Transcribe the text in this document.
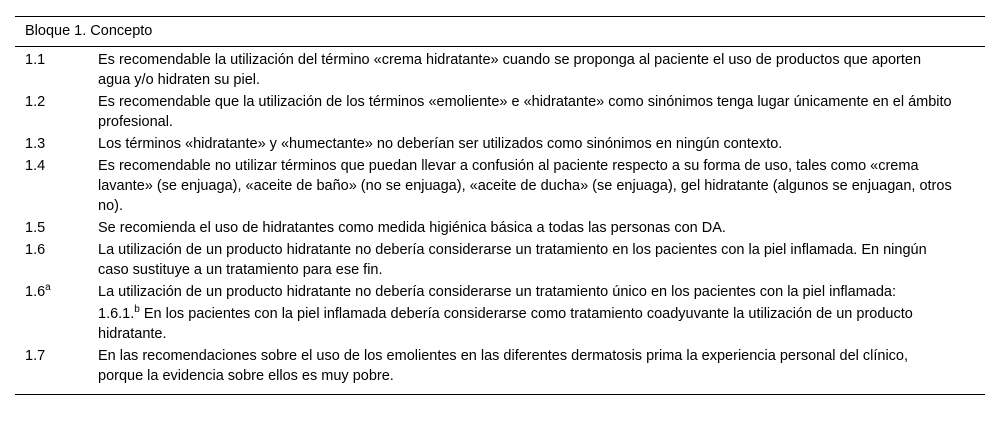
Bloque 1. Concepto
1.1	Es recomendable la utilización del término «crema hidratante» cuando se proponga al paciente el uso de productos que aporten agua y/o hidraten su piel.
1.2	Es recomendable que la utilización de los términos «emoliente» e «hidratante» como sinónimos tenga lugar únicamente en el ámbito profesional.
1.3	Los términos «hidratante» y «humectante» no deberían ser utilizados como sinónimos en ningún contexto.
1.4	Es recomendable no utilizar términos que puedan llevar a confusión al paciente respecto a su forma de uso, tales como «crema lavante» (se enjuaga), «aceite de baño» (no se enjuaga), «aceite de ducha» (se enjuaga), gel hidratante (algunos se enjuagan, otros no).
1.5	Se recomienda el uso de hidratantes como medida higiénica básica a todas las personas con DA.
1.6	La utilización de un producto hidratante no debería considerarse un tratamiento en los pacientes con la piel inflamada. En ningún caso sustituye a un tratamiento para ese fin.
1.6$^a$	La utilización de un producto hidratante no debería considerarse un tratamiento único en los pacientes con la piel inflamada:
1.6.1.$^b$ En los pacientes con la piel inflamada debería considerarse como tratamiento coadyuvante la utilización de un producto hidratante.
1.7	En las recomendaciones sobre el uso de los emolientes en las diferentes dermatosis prima la experiencia personal del clínico, porque la evidencia sobre ellos es muy pobre.
